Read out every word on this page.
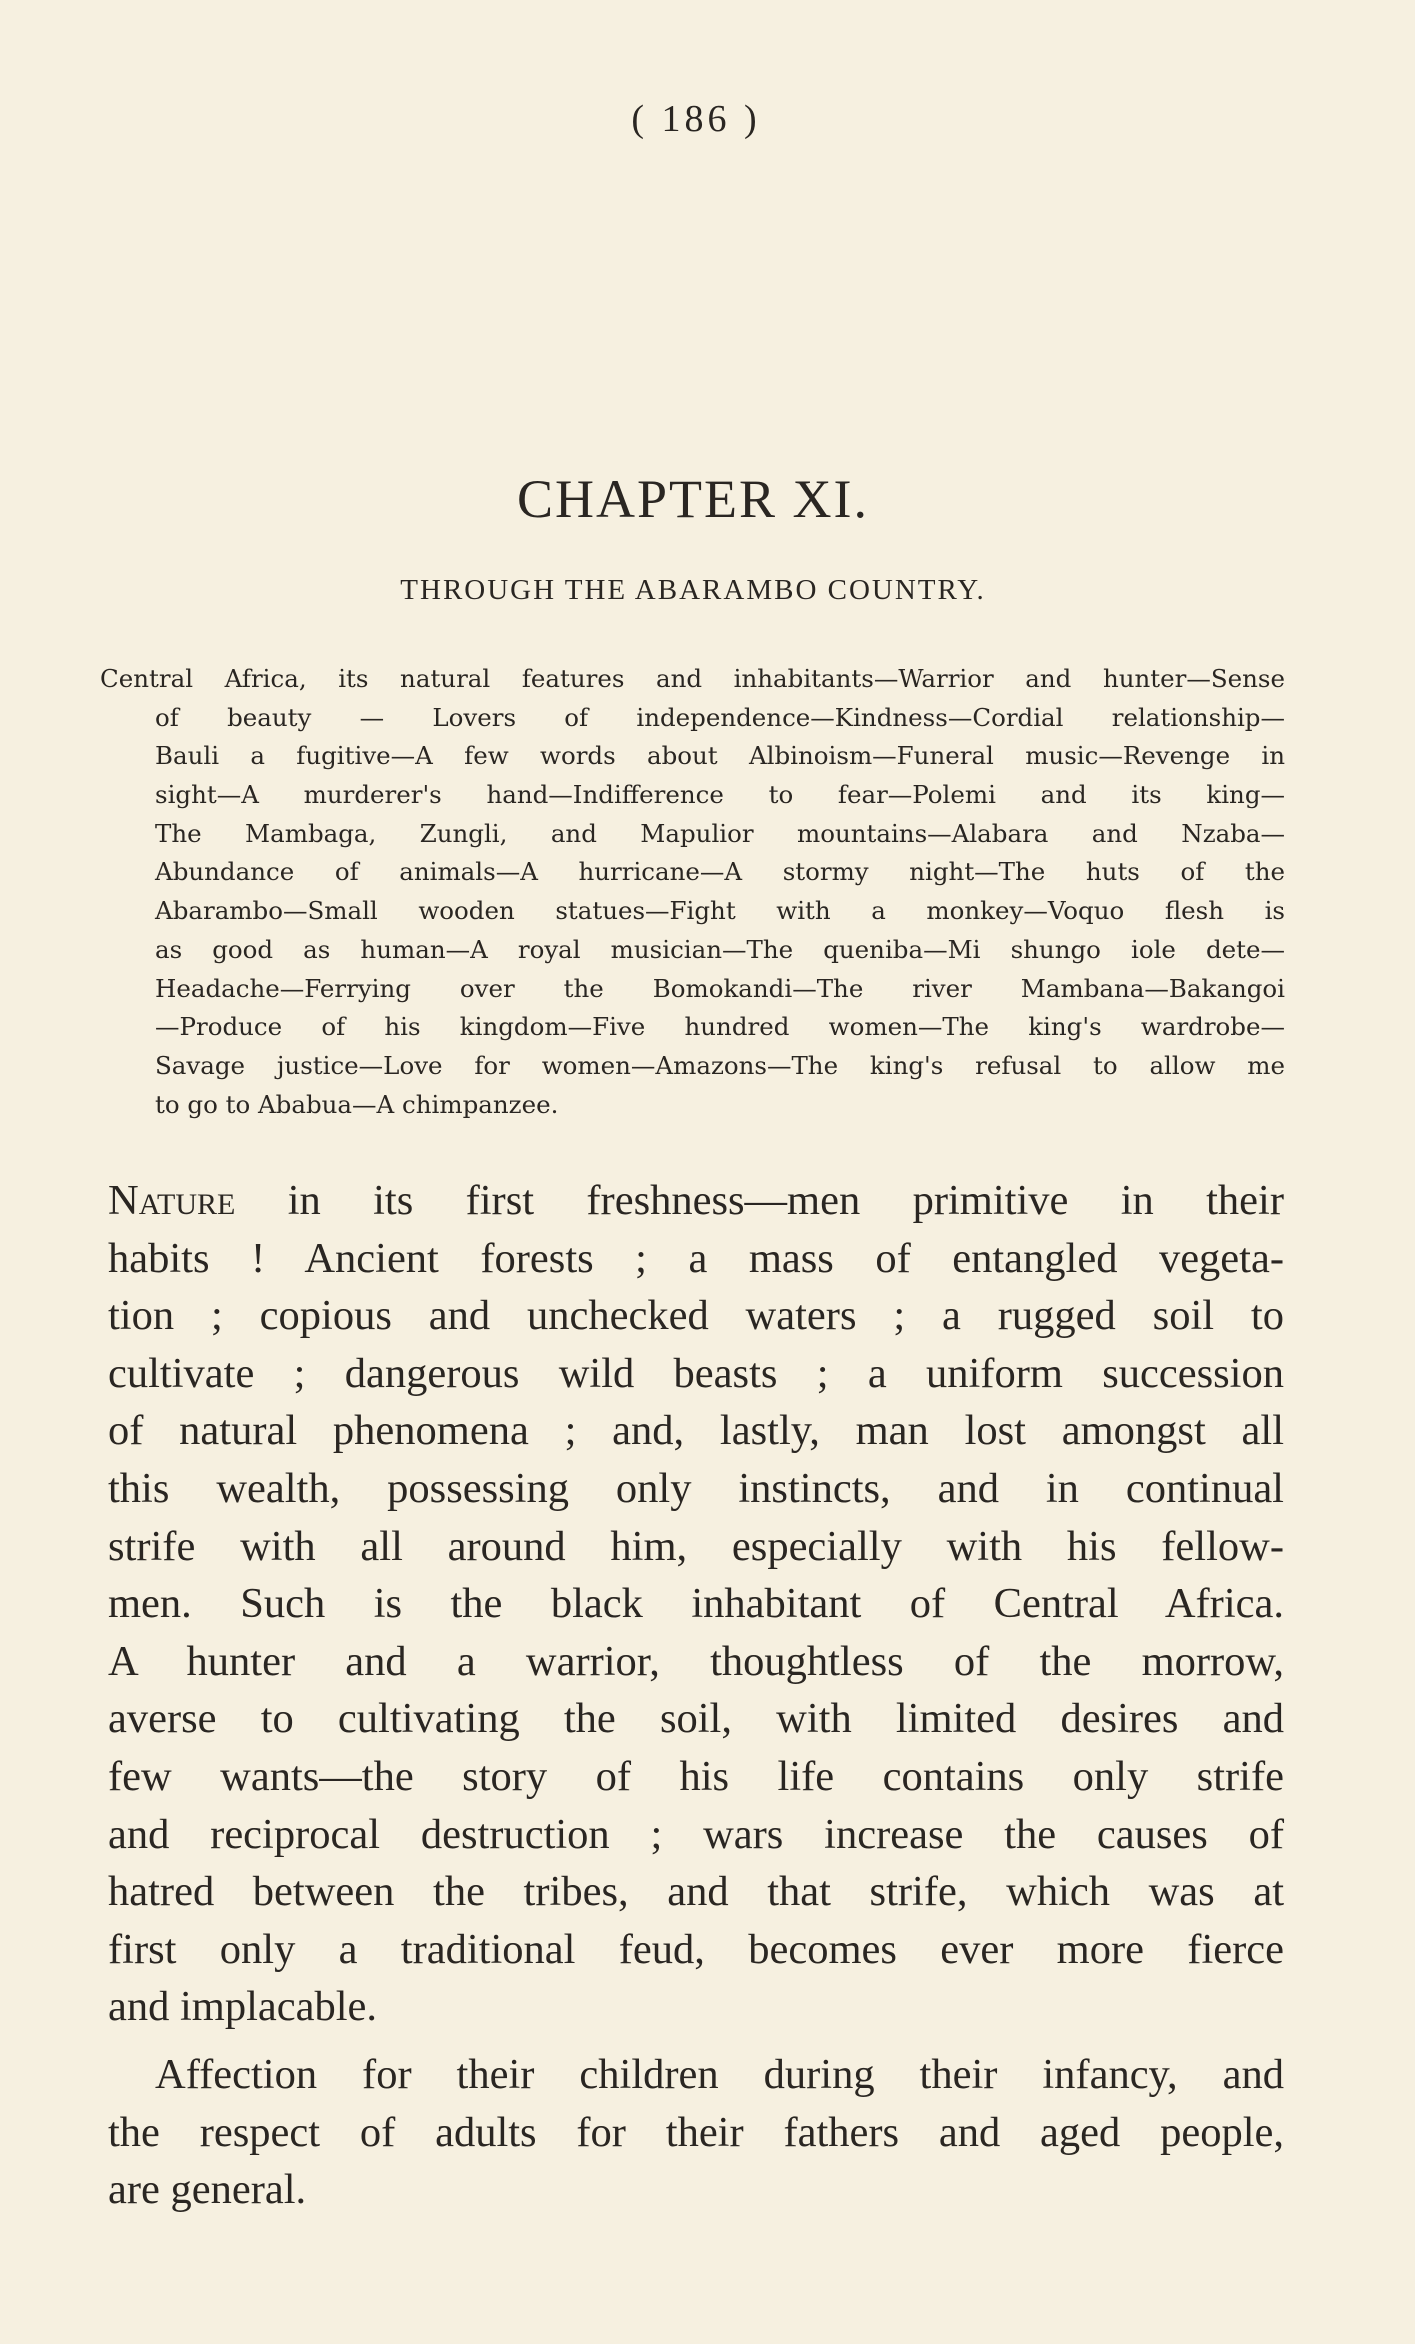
( 186 )
CHAPTER XI.
THROUGH THE ABARAMBO COUNTRY.
Central Africa, its natural features and inhabitants—Warrior and hunter—Sense
of beauty — Lovers of independence—Kindness—Cordial relationship—
Bauli a fugitive—A few words about Albinoism—Funeral music—Revenge in
sight—A murderer's hand—Indifference to fear—Polemi and its king—
The Mambaga, Zungli, and Mapulior mountains—Alabara and Nzaba—
Abundance of animals—A hurricane—A stormy night—The huts of the
Abarambo—Small wooden statues—Fight with a monkey—Voquo flesh is
as good as human—A royal musician—The queniba—Mi shungo iole dete—
Headache—Ferrying over the Bomokandi—The river Mambana—Bakangoi
—Produce of his kingdom—Five hundred women—The king's wardrobe—
Savage justice—Love for women—Amazons—The king's refusal to allow me
to go to Ababua—A chimpanzee.
Nature in its first freshness—men primitive in their
habits ! Ancient forests ; a mass of entangled vegeta-
tion ; copious and unchecked waters ; a rugged soil to
cultivate ; dangerous wild beasts ; a uniform succession
of natural phenomena ; and, lastly, man lost amongst all
this wealth, possessing only instincts, and in continual
strife with all around him, especially with his fellow-
men. Such is the black inhabitant of Central Africa.
A hunter and a warrior, thoughtless of the morrow,
averse to cultivating the soil, with limited desires and
few wants—the story of his life contains only strife
and reciprocal destruction ; wars increase the causes of
hatred between the tribes, and that strife, which was at
first only a traditional feud, becomes ever more fierce
and implacable.
Affection for their children during their infancy, and
the respect of adults for their fathers and aged people,
are general.
